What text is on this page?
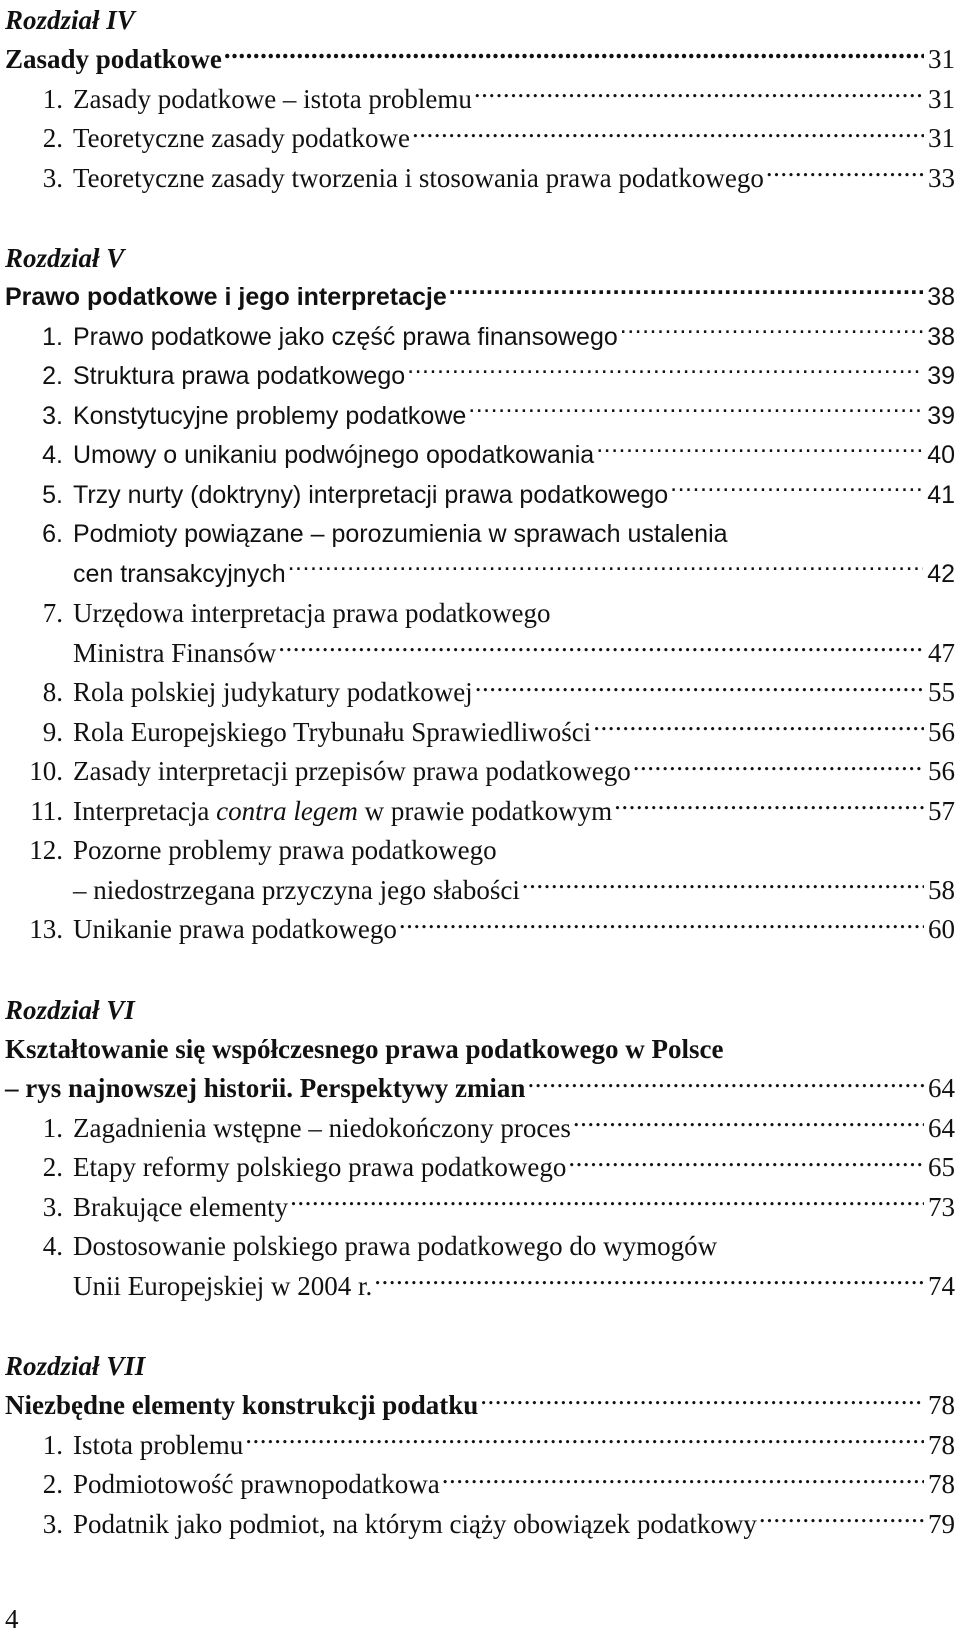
Rozdział IV
Zasady podatkowe .....	31
1. Zasady podatkowe – istota problemu .....	31
2. Teoretyczne zasady podatkowe .....	31
3. Teoretyczne zasady tworzenia i stosowania prawa podatkowego .....	33
Rozdział V
Prawo podatkowe i jego interpretacje .....	38
1. Prawo podatkowe jako część prawa finansowego .....	38
2. Struktura prawa podatkowego .....	39
3. Konstytucyjne problemy podatkowe .....	39
4. Umowy o unikaniu podwójnego opodatkowania .....	40
5. Trzy nurty (doktryny) interpretacji prawa podatkowego .....	41
6. Podmioty powiązane – porozumienia w sprawach ustalenia
cen transakcyjnych .....	42
7. Urzędowa interpretacja prawa podatkowego
Ministra Finansów .....	47
8. Rola polskiej judykatury podatkowej .....	55
9. Rola Europejskiego Trybunału Sprawiedliwości .....	56
10. Zasady interpretacji przepisów prawa podatkowego .....	56
11. Interpretacja contra legem w prawie podatkowym .....	57
12. Pozorne problemy prawa podatkowego
– niedostrzegana przyczyna jego słabości .....	58
13. Unikanie prawa podatkowego .....	60
Rozdział VI
Kształtowanie się współczesnego prawa podatkowego w Polsce
– rys najnowszej historii. Perspektywy zmian .....	64
1. Zagadnienia wstępne – niedokończony proces .....	64
2. Etapy reformy polskiego prawa podatkowego .....	65
3. Brakujące elementy .....	73
4. Dostosowanie polskiego prawa podatkowego do wymogów
Unii Europejskiej w 2004 r. .....	74
Rozdział VII
Niezbędne elementy konstrukcji podatku .....	78
1. Istota problemu .....	78
2. Podmiotowość prawnopodatkowa .....	78
3. Podatnik jako podmiot, na którym ciąży obowiązek podatkowy .....	79
4
